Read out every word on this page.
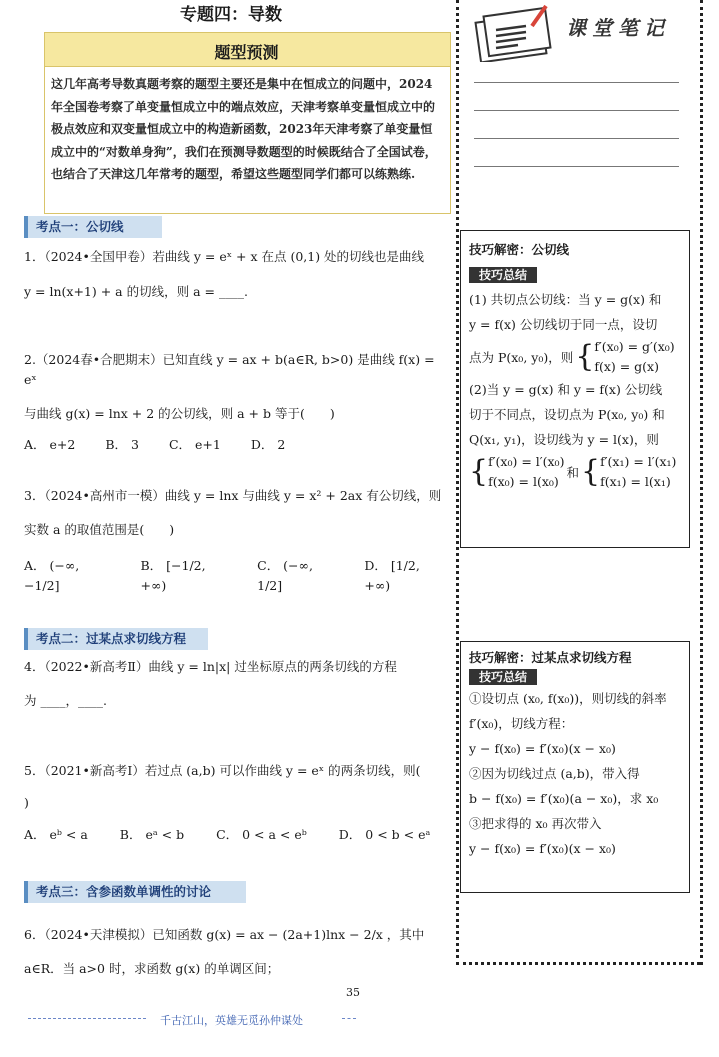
专题四：导数
题型预测
这几年高考导数真题考察的题型主要还是集中在恒成立的问题中，2024年全国卷考察了单变量恒成立中的端点效应，天津考察单变量恒成立中的极点效应和双变量恒成立中的构造新函数，2023年天津考察了单变量恒成立中的“对数单身狗”，我们在预测导数题型的时候既结合了全国试卷，也结合了天津这几年常考的题型，希望这些题型同学们都可以练熟练.
考点一：公切线
1．（2024•全国甲卷）若曲线 y = eˣ + x 在点 (0,1) 处的切线也是曲线
y = ln(x+1) + a 的切线，则 a = ____.
2.（2024春•合肥期末）已知直线 y = ax + b(a∈R, b>0) 是曲线 f(x) = eˣ
与曲线 g(x) = lnx + 2 的公切线，则 a + b 等于(　　)
A． e+2 B． 3 C． e+1 D． 2
3．（2024•高州市一模）曲线 y = lnx 与曲线 y = x² + 2ax 有公切线，则
实数 a 的取值范围是(　　)
A． (−∞, −1/2]
B． [−1/2, +∞)
C． (−∞, 1/2]
D． [1/2, +∞)
考点二：过某点求切线方程
4．（2022•新高考Ⅱ）曲线 y = ln|x| 过坐标原点的两条切线的方程
为 ____，____.
5．（2021•新高考Ⅰ）若过点 (a,b) 可以作曲线 y = eˣ 的两条切线，则(
)
A． eᵇ < a	B． eᵃ < b	C． 0 < a < eᵇ	D． 0 < b < eᵃ
考点三：含参函数单调性的讨论
6．（2024•天津模拟）已知函数 g(x) = ax − (2a+1)lnx − 2/x ，其中
a∈R．当 a>0 时，求函数 g(x) 的单调区间；
课堂笔记
技巧解密：公切线
技巧总结
(1) 共切点公切线：当 y = g(x) 和
y = f(x) 公切线切于同一点，设切
点为 P(x₀, y₀)，则 { f′(x₀) = g′(x₀)
f(x) = g(x)
(2)当 y = g(x) 和 y = f(x) 公切线
切于不同点，设切点为 P(x₀, y₀) 和
Q(x₁, y₁)，设切线为 y = l(x)，则
{ f′(x₀) = l′(x₀)
f(x₀) = l(x₀)
和 { f′(x₁) = l′(x₁)
f(x₁) = l(x₁)
技巧解密：过某点求切线方程
技巧总结
①设切点 (x₀, f(x₀))，则切线的斜率
f′(x₀)，切线方程：
y − f(x₀) = f′(x₀)(x − x₀)
②因为切线过点 (a,b)，带入得
b − f(x₀) = f′(x₀)(a − x₀)，求 x₀
③把求得的 x₀ 再次带入
y − f(x₀) = f′(x₀)(x − x₀)
35
千古江山，英雄无觅孙仲谋处
